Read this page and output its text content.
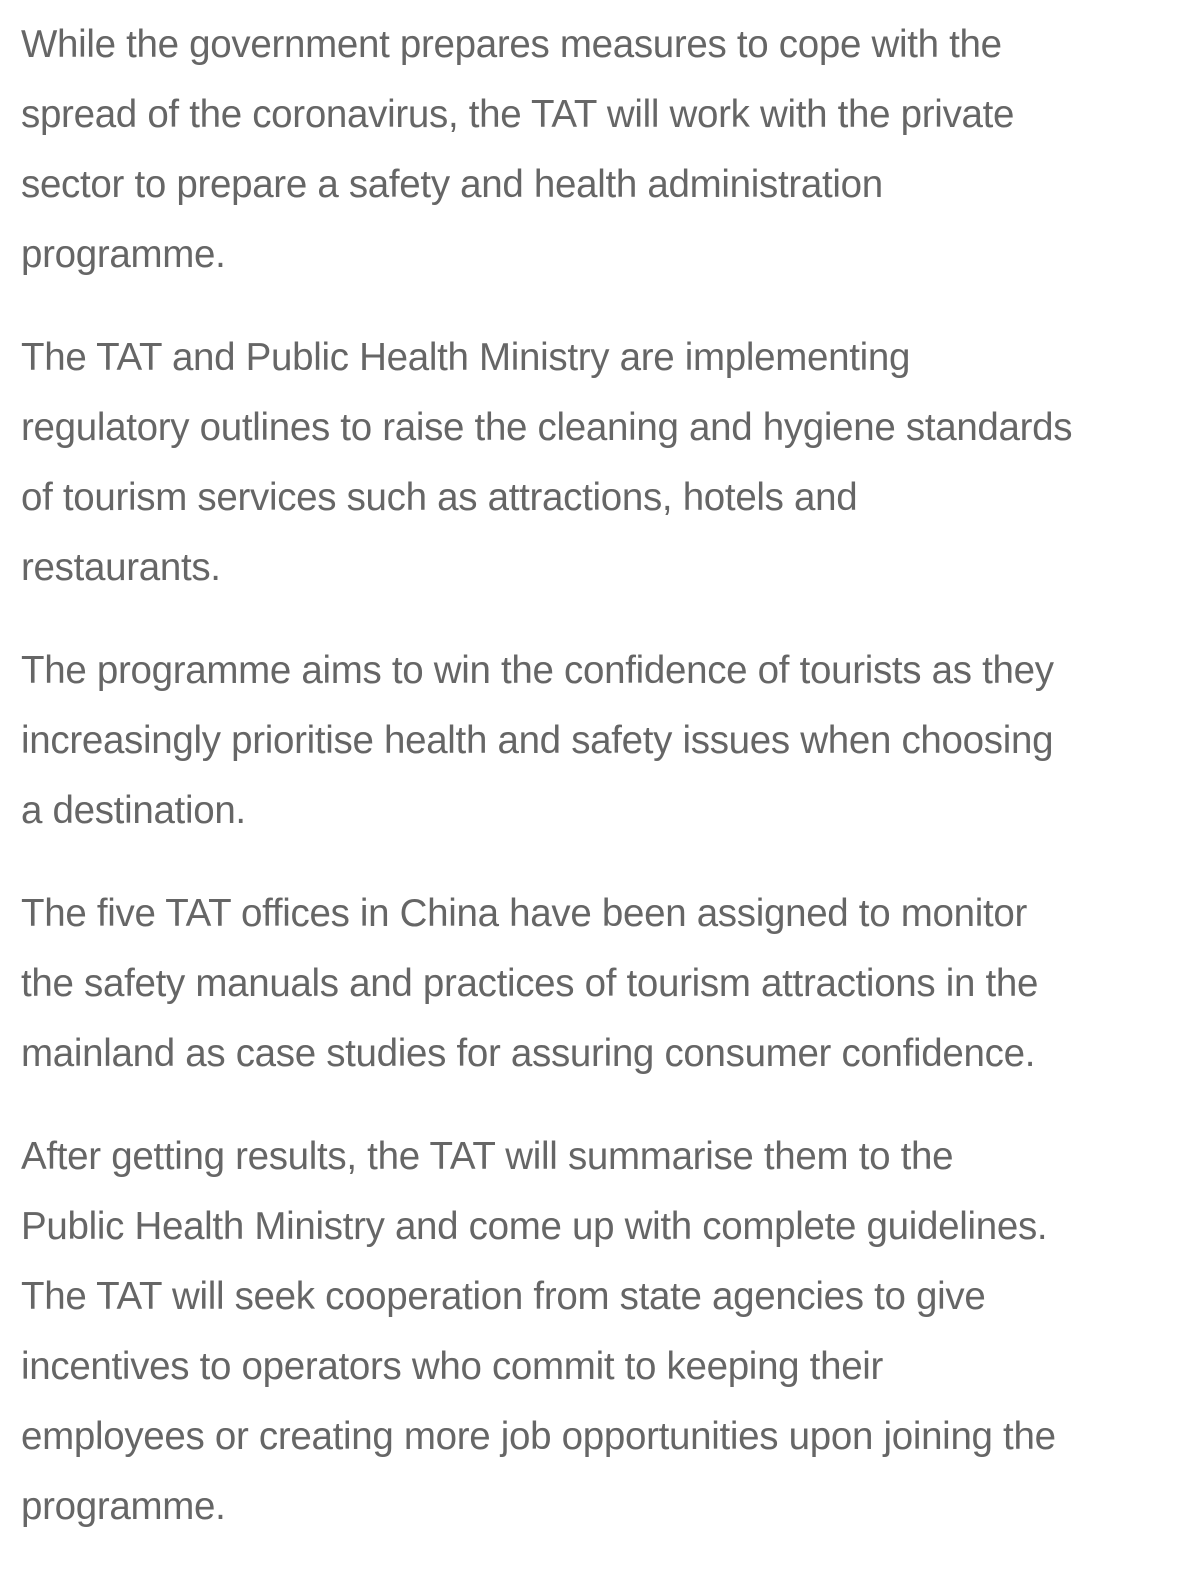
While the government prepares measures to cope with the
spread of the coronavirus, the TAT will work with the private
sector to prepare a safety and health administration
programme.

The TAT and Public Health Ministry are implementing
regulatory outlines to raise the cleaning and hygiene standards
of tourism services such as attractions, hotels and
restaurants.

The programme aims to win the confidence of tourists as they
increasingly prioritise health and safety issues when choosing
a destination.

The five TAT offices in China have been assigned to monitor
the safety manuals and practices of tourism attractions in the
mainland as case studies for assuring consumer confidence.

After getting results, the TAT will summarise them to the
Public Health Ministry and come up with complete guidelines.
The TAT will seek cooperation from state agencies to give
incentives to operators who commit to keeping their
employees or creating more job opportunities upon joining the
programme.
